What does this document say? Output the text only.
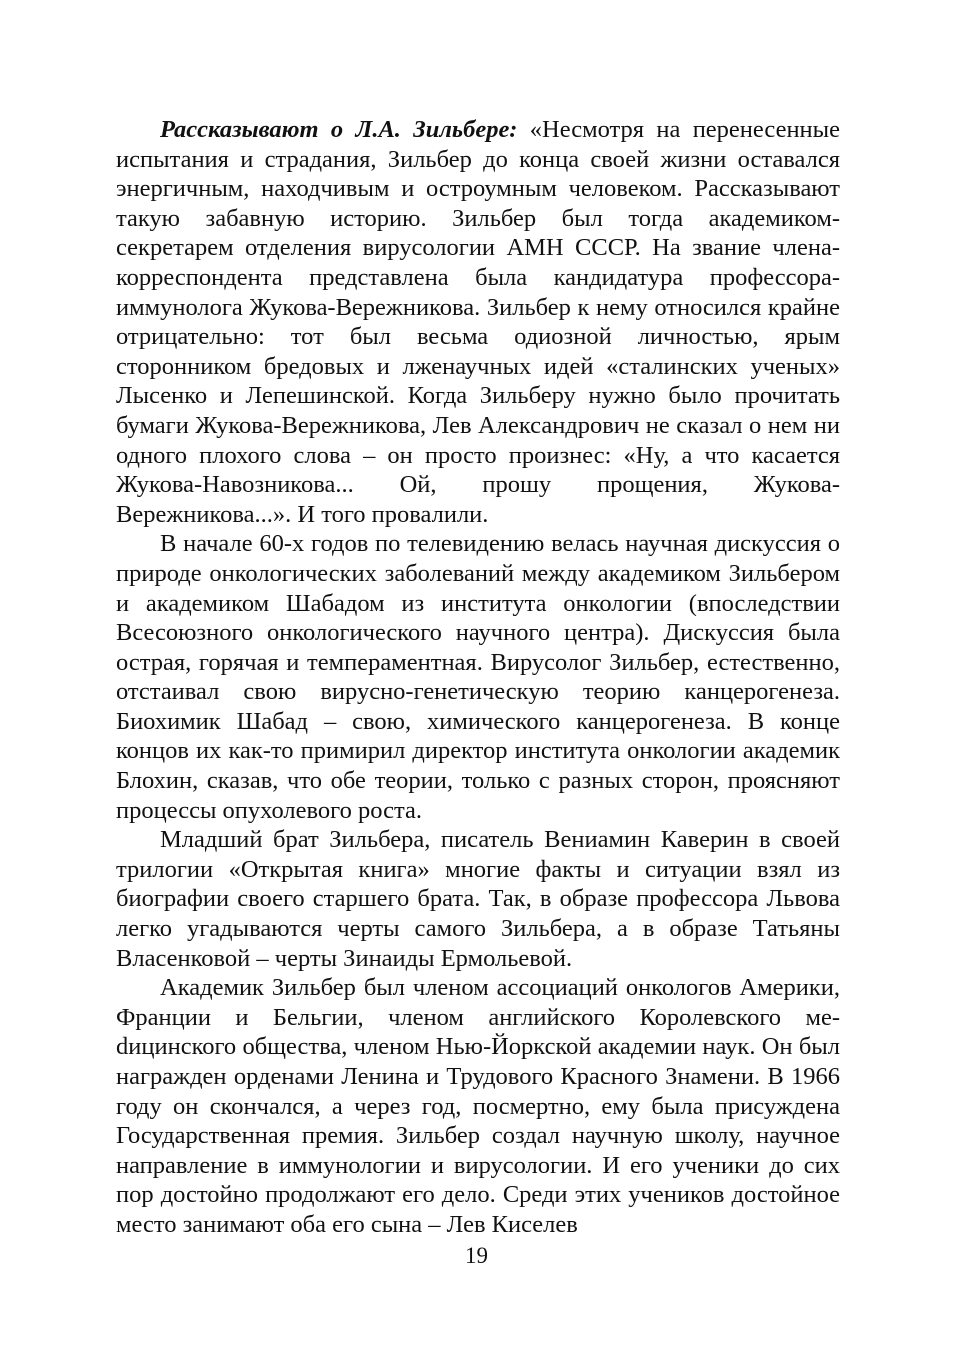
Рассказывают о Л.А. Зильбере: «Несмотря на перенесенные испытания и страдания, Зильбер до конца своей жизни оставался энергичным, находчивым и остроумным человеком. Рассказывают такую забавную историю. Зильбер был тогда академиком-секретарем отделения вирусологии АМН СССР. На звание члена-корреспондента представлена была кандидатура профессора-иммунолога Жукова-Вережникова. Зильбер к нему относился крайне отрицательно: тот был весьма одиозной личностью, ярым сторонником бредовых и лженаучных идей «сталинских ученых» Лысенко и Лепешинской. Когда Зильберу нужно было прочитать бумаги Жукова-Вережникова, Лев Александрович не сказал о нем ни одного плохого слова – он просто произнес: «Ну, а что касается Жукова-Навозникова... Ой, прошу прощения, Жукова-Вережникова...». И того провалили.

В начале 60-х годов по телевидению велась научная дискуссия о природе онкологических заболеваний между академиком Зильбером и академиком Шабадом из института онкологии (впоследствии Всесоюзного онкологического научного центра). Дискуссия была острая, горячая и темпераментная. Вирусолог Зильбер, естественно, отстаивал свою вирусно-генетическую теорию канцерогенеза. Биохимик Шабад – свою, химического канцерогенеза. В конце концов их как-то примирил директор института онкологии академик Блохин, сказав, что обе теории, только с разных сторон, проясняют процессы опухолевого роста.

Младший брат Зильбера, писатель Вениамин Каверин в своей трилогии «Открытая книга» многие факты и ситуации взял из биографии своего старшего брата. Так, в образе профессора Львова легко угадываются черты самого Зильбера, а в образе Татьяны Власенковой – черты Зинаиды Ермольевой.

Академик Зильбер был членом ассоциаций онкологов Америки, Франции и Бельгии, членом английского Королевского меdицинского общества, членом Нью-Йоркской академии наук. Он был награжден орденами Ленина и Трудового Красного Знамени. В 1966 году он скончался, а через год, посмертно, ему была присуждена Государственная премия. Зильбер создал научную школу, научное направление в иммунологии и вирусологии. И его ученики до сих пор достойно продолжают его дело. Среди этих учеников достойное место занимают оба его сына – Лев Киселев

19
